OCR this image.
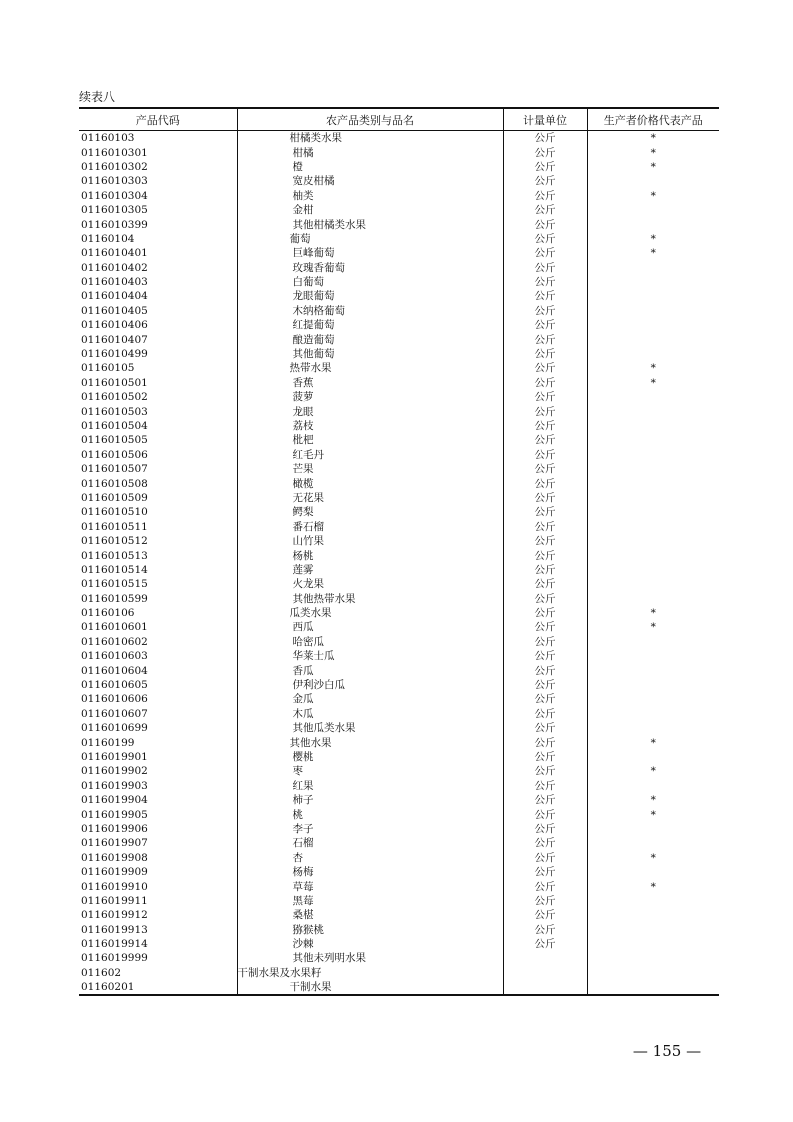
续表八
产品代码	农产品类别与品名	计量单位	生产者价格代表产品
01160103	柑橘类水果	公斤	*
0116010301	柑橘	公斤	*
0116010302	橙	公斤	*
0116010303	宽皮柑橘	公斤	
0116010304	柚类	公斤	*
0116010305	金柑	公斤	
0116010399	其他柑橘类水果	公斤	
01160104	葡萄	公斤	*
0116010401	巨峰葡萄	公斤	*
0116010402	玫瑰香葡萄	公斤	
0116010403	白葡萄	公斤	
0116010404	龙眼葡萄	公斤	
0116010405	木纳格葡萄	公斤	
0116010406	红提葡萄	公斤	
0116010407	酿造葡萄	公斤	
0116010499	其他葡萄	公斤	
01160105	热带水果	公斤	*
0116010501	香蕉	公斤	*
0116010502	菠萝	公斤	
0116010503	龙眼	公斤	
0116010504	荔枝	公斤	
0116010505	枇杷	公斤	
0116010506	红毛丹	公斤	
0116010507	芒果	公斤	
0116010508	橄榄	公斤	
0116010509	无花果	公斤	
0116010510	鳄梨	公斤	
0116010511	番石榴	公斤	
0116010512	山竹果	公斤	
0116010513	杨桃	公斤	
0116010514	莲雾	公斤	
0116010515	火龙果	公斤	
0116010599	其他热带水果	公斤	
01160106	瓜类水果	公斤	*
0116010601	西瓜	公斤	*
0116010602	哈密瓜	公斤	
0116010603	华莱士瓜	公斤	
0116010604	香瓜	公斤	
0116010605	伊利沙白瓜	公斤	
0116010606	金瓜	公斤	
0116010607	木瓜	公斤	
0116010699	其他瓜类水果	公斤	
01160199	其他水果	公斤	*
0116019901	樱桃	公斤	
0116019902	枣	公斤	*
0116019903	红果	公斤	
0116019904	柿子	公斤	*
0116019905	桃	公斤	*
0116019906	李子	公斤	
0116019907	石榴	公斤	
0116019908	杏	公斤	*
0116019909	杨梅	公斤	
0116019910	草莓	公斤	*
0116019911	黑莓	公斤	
0116019912	桑椹	公斤	
0116019913	猕猴桃	公斤	
0116019914	沙棘	公斤	
0116019999	其他未列明水果		
011602	干制水果及水果籽		
01160201	干制水果		
— 155 —
